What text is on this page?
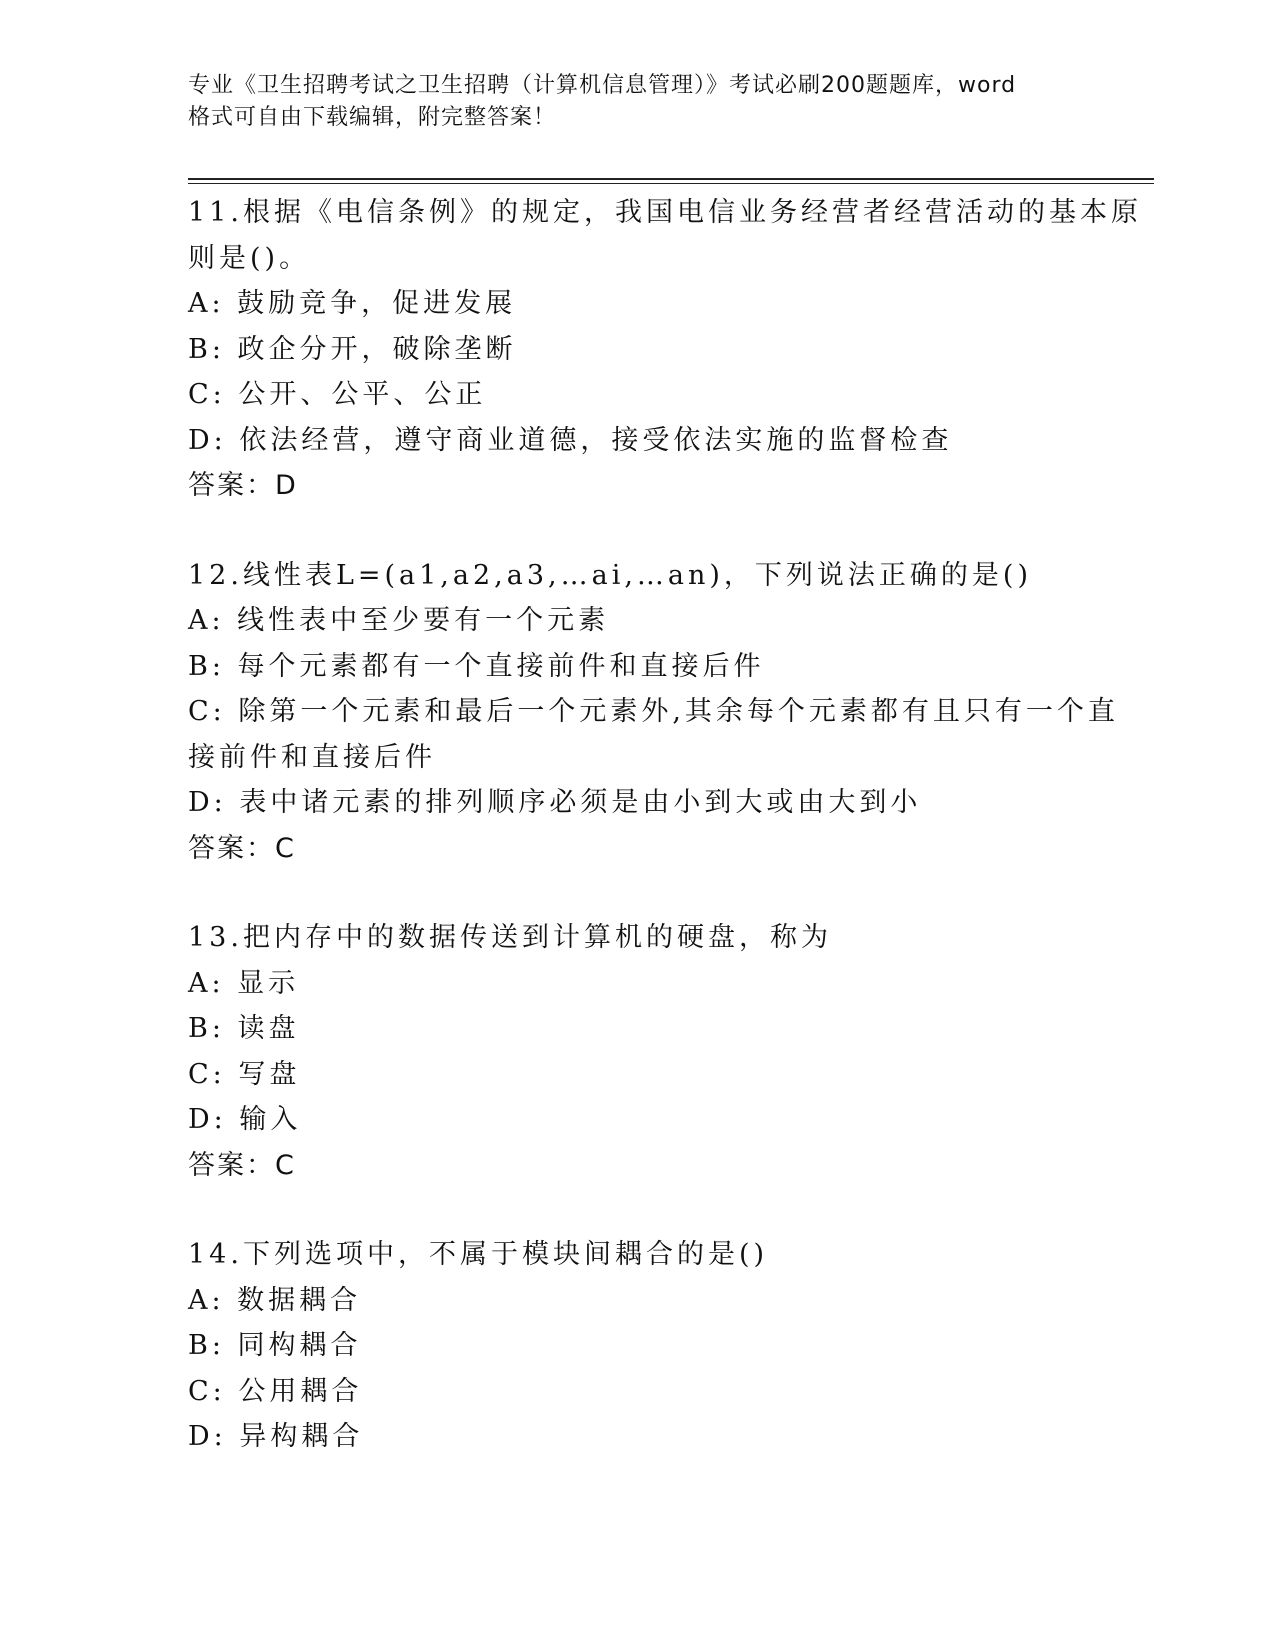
专业《卫生招聘考试之卫生招聘（计算机信息管理）》考试必刷200题题库，word
格式可自由下载编辑，附完整答案！
11.根据《电信条例》的规定，我国电信业务经营者经营活动的基本原
则是()。
A: 鼓励竞争，促进发展
B: 政企分开，破除垄断
C: 公开、公平、公正
D: 依法经营，遵守商业道德，接受依法实施的监督检查
答案：D
12.线性表L=(a1,a2,a3,…ai,…an)，下列说法正确的是()
A: 线性表中至少要有一个元素
B: 每个元素都有一个直接前件和直接后件
C: 除第一个元素和最后一个元素外,其余每个元素都有且只有一个直
接前件和直接后件
D: 表中诸元素的排列顺序必须是由小到大或由大到小
答案：C
13.把内存中的数据传送到计算机的硬盘，称为
A: 显示
B: 读盘
C: 写盘
D: 输入
答案：C
14.下列选项中，不属于模块间耦合的是()
A: 数据耦合
B: 同构耦合
C: 公用耦合
D: 异构耦合
